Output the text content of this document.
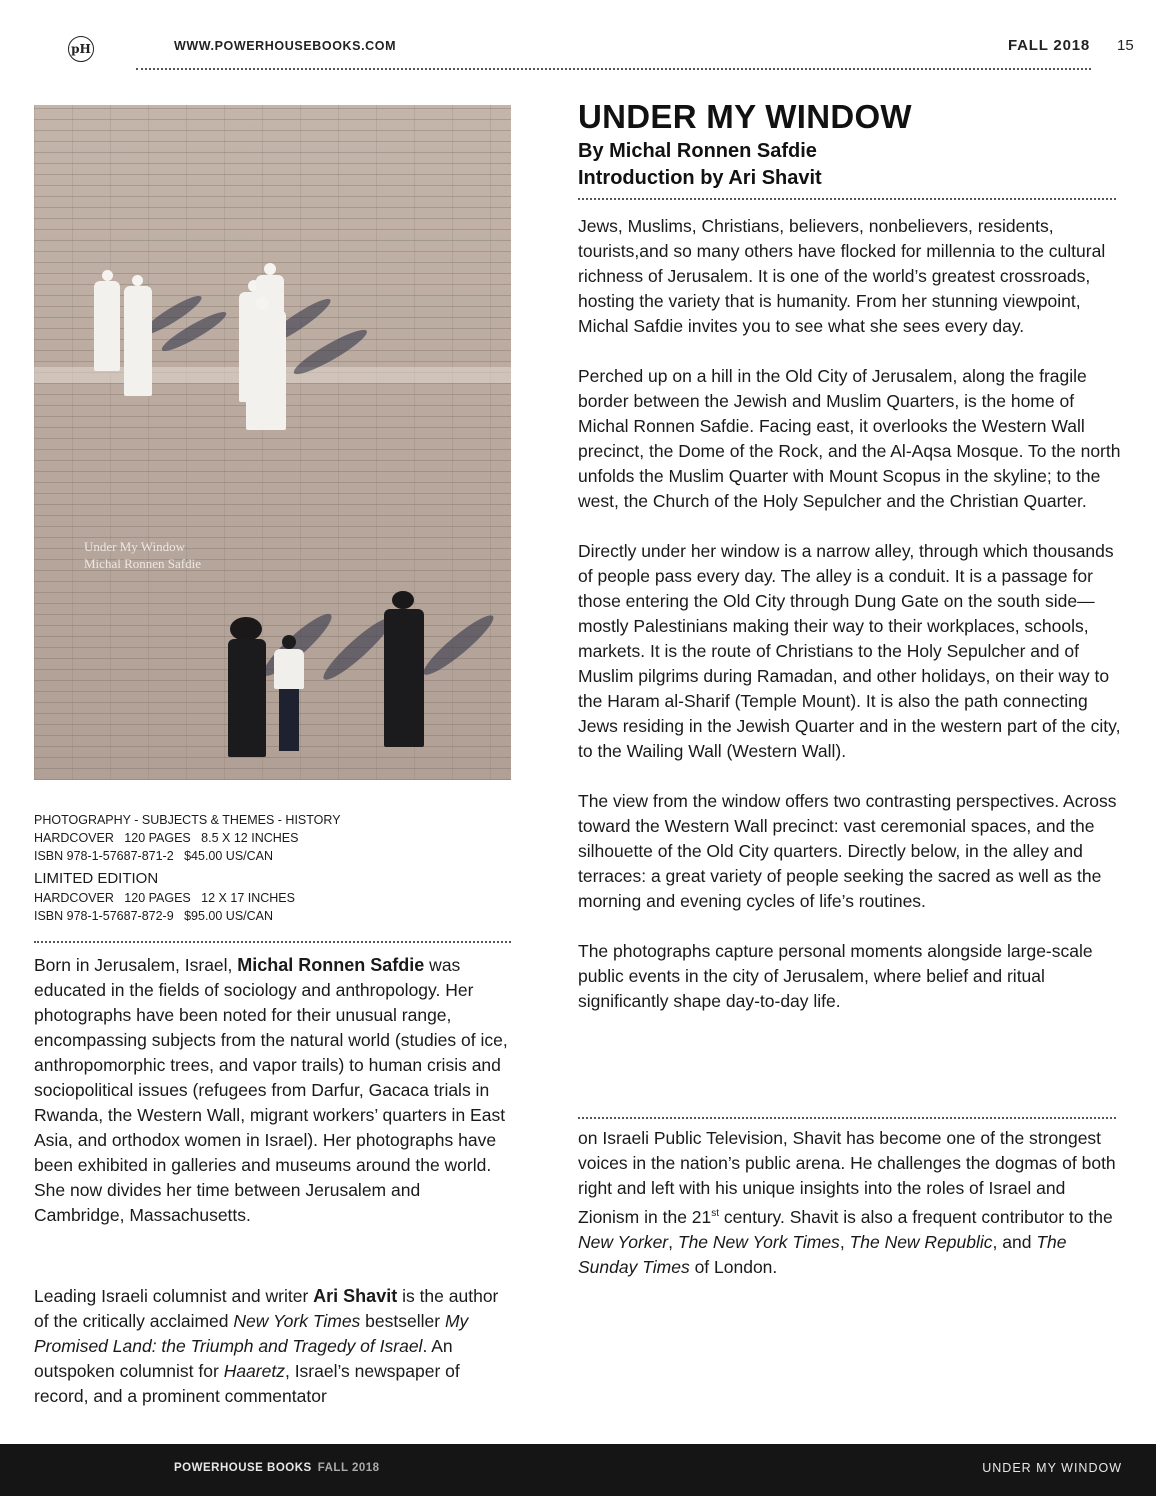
pH	WWW.POWERHOUSEBOOKS.COM	FALL 2018 15
Under My Window
Michal Ronnen Safdie
PHOTOGRAPHY - SUBJECTS & THEMES - HISTORY
HARDCOVER   120 PAGES   8.5 X 12 INCHES
ISBN 978-1-57687-871-2   $45.00 US/CAN
LIMITED EDITION
HARDCOVER   120 PAGES   12 X 17 INCHES
ISBN 978-1-57687-872-9   $95.00 US/CAN
Born in Jerusalem, Israel, Michal Ronnen Safdie was educated in the fields of sociology and anthropology. Her photographs have been noted for their unusual range, encompassing subjects from the natural world (studies of ice, anthropomorphic trees, and vapor trails) to human crisis and sociopolitical issues (refugees from Darfur, Gacaca trials in Rwanda, the Western Wall, migrant workers’ quarters in East Asia, and orthodox women in Israel). Her photographs have been exhibited in galleries and museums around the world. She now divides her time between Jerusalem and Cambridge, Massachusetts.
Leading Israeli columnist and writer Ari Shavit is the author of the critically acclaimed New York Times bestseller My Promised Land: the Triumph and Tragedy of Israel. An outspoken columnist for Haaretz, Israel’s newspaper of record, and a prominent commentator
UNDER MY WINDOW
By Michal Ronnen Safdie
Introduction by Ari Shavit

Jews, Muslims, Christians, believers, nonbelievers, residents, tourists,and so many others have flocked for millennia to the cultural richness of Jerusalem. It is one of the world’s greatest crossroads, hosting the variety that is humanity. From her stunning viewpoint, Michal Safdie invites you to see what she sees every day.

Perched up on a hill in the Old City of Jerusalem, along the fragile border between the Jewish and Muslim Quarters, is the home of Michal Ronnen Safdie. Facing east, it overlooks the Western Wall precinct, the Dome of the Rock, and the Al-Aqsa Mosque. To the north unfolds the Muslim Quarter with Mount Scopus in the skyline; to the west, the Church of the Holy Sepulcher and the Christian Quarter.

Directly under her window is a narrow alley, through which thousands of people pass every day. The alley is a conduit. It is a passage for those entering the Old City through Dung Gate on the south side—mostly Palestinians making their way to their workplaces, schools, markets. It is the route of Christians to the Holy Sepulcher and of Muslim pilgrims during Ramadan, and other holidays, on their way to the Haram al-Sharif (Temple Mount). It is also the path connecting Jews residing in the Jewish Quarter and in the western part of the city, to the Wailing Wall (Western Wall).

The view from the window offers two contrasting perspectives. Across toward the Western Wall precinct: vast ceremonial spaces, and the silhouette of the Old City quarters. Directly below, in the alley and terraces: a great variety of people seeking the sacred as well as the morning and evening cycles of life’s routines.

The photographs capture personal moments alongside large-scale public events in the city of Jerusalem, where belief and ritual significantly shape day-to-day life.

on Israeli Public Television, Shavit has become one of the strongest voices in the nation’s public arena. He challenges the dogmas of both right and left with his unique insights into the roles of Israel and Zionism in the 21st century. Shavit is also a frequent contributor to the New Yorker, The New York Times, The New Republic, and The Sunday Times of London.
POWERHOUSE BOOKS FALL 2018	UNDER MY WINDOW
